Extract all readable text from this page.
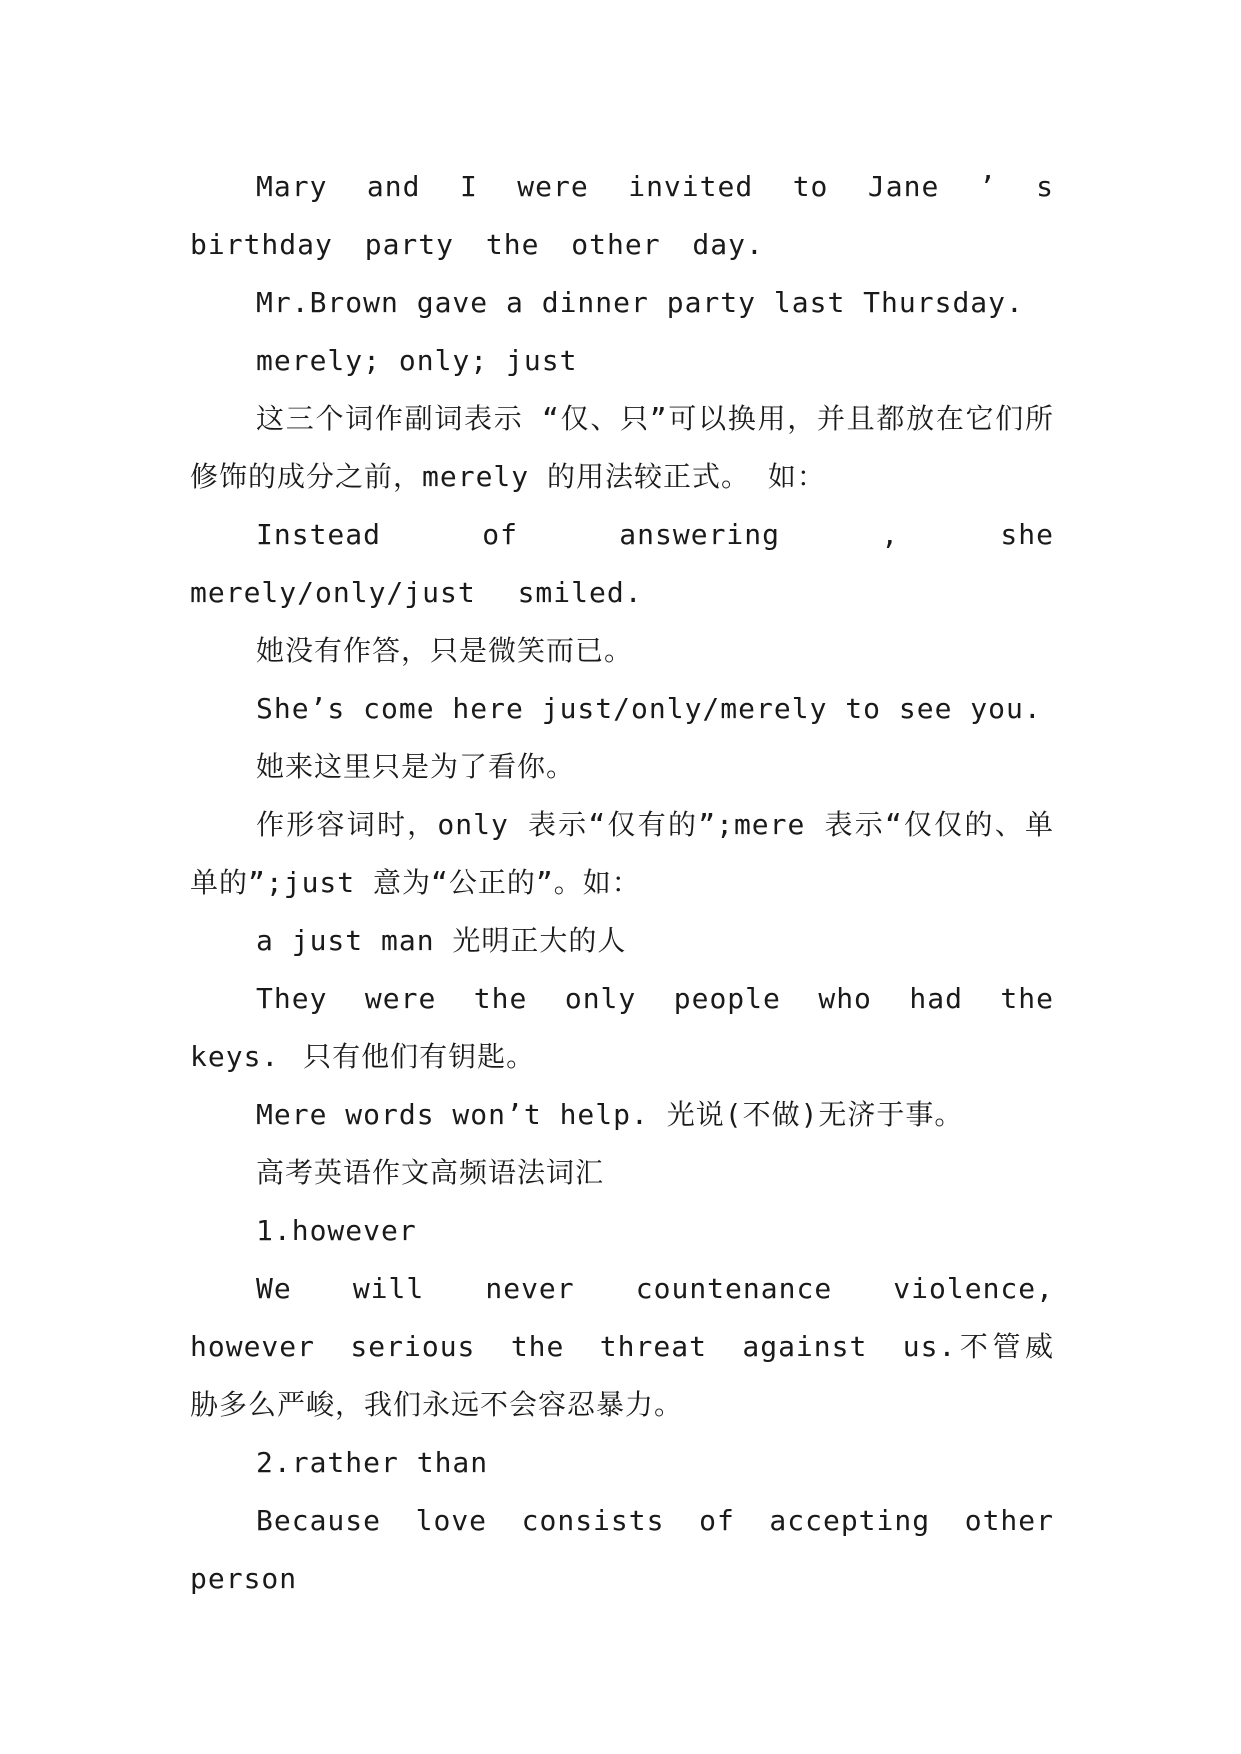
Mary and I were invited to Jane ’ s birthday party the other day.

Mr.Brown gave a dinner party last Thursday.

merely; only; just

这三个词作副词表示 “仅、只”可以换用，并且都放在它们所修饰的成分之前，merely 的用法较正式。 如：

Instead of answering , she merely/only/just smiled.

她没有作答，只是微笑而已。

She’s come here just/only/merely to see you.

她来这里只是为了看你。

作形容词时，only 表示“仅有的”;mere 表示“仅仅的、单单的”;just 意为“公正的”。如：

a just man 光明正大的人

They were the only people who had the keys. 只有他们有钥匙。

Mere words won’t help. 光说(不做)无济于事。

高考英语作文高频语法词汇

1.however

We will never countenance violence, however serious the threat against us.不管威胁多么严峻，我们永远不会容忍暴力。

2.rather than

Because love consists of accepting other person
